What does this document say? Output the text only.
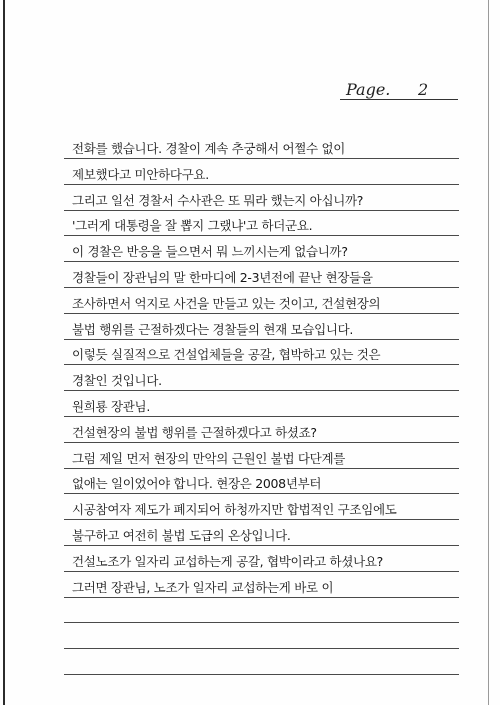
Page. 2
전화를 했습니다. 경찰이 계속 추궁해서 어쩔수 없이
제보했다고 미안하다구요.
그리고 일선 경찰서 수사관은 또 뭐라 했는지 아십니까?
'그러게 대통령을 잘 뽑지 그랬냐'고 하더군요.
이 경찰은 반응을 들으면서 뭐 느끼시는게 없습니까?
경찰들이 장관님의 말 한마디에 2-3년전에 끝난 현장들을
조사하면서 억지로 사건을 만들고 있는 것이고, 건설현장의
불법 행위를 근절하겠다는 경찰들의 현재 모습입니다.
이렇듯 실질적으로 건설업체들을 공갈, 협박하고 있는 것은
경찰인 것입니다.
원희룡 장관님.
건설현장의 불법 행위를 근절하겠다고 하셨죠?
그럼 제일 먼저 현장의 만악의 근원인 불법 다단계를
없애는 일이었어야 합니다. 현장은 2008년부터
시공참여자 제도가 폐지되어 하청까지만 합법적인 구조임에도
불구하고 여전히 불법 도급의 온상입니다.
건설노조가 일자리 교섭하는게 공갈, 협박이라고 하셨나요?
그러면 장관님, 노조가 일자리 교섭하는게 바로 이
